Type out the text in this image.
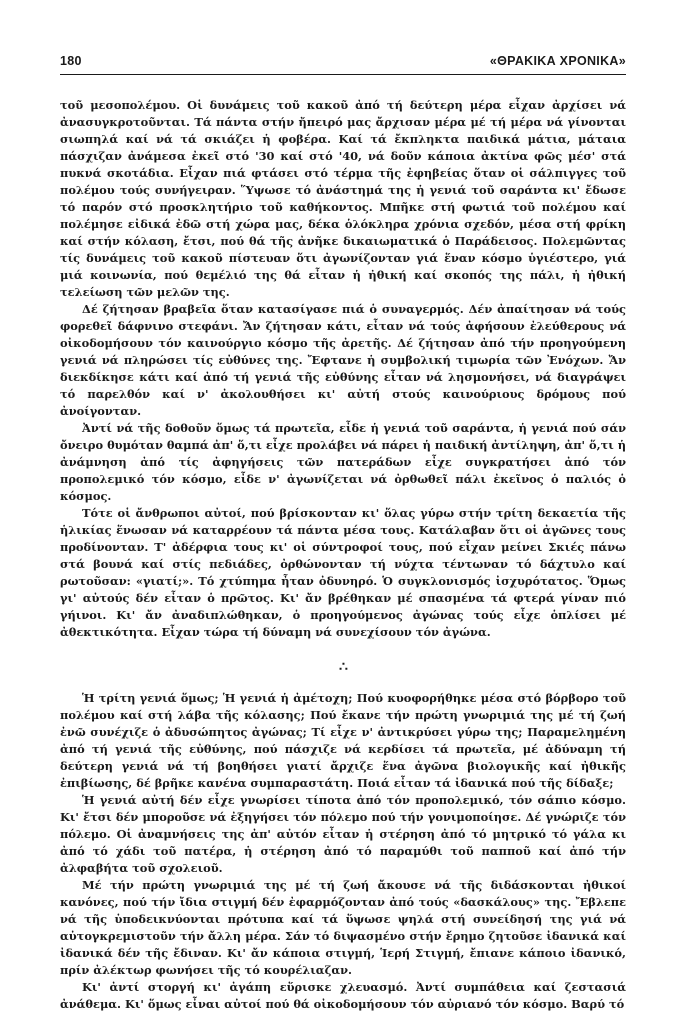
180	«ΘΡΑΚΙΚΑ ΧΡΟΝΙΚΑ»

τοῦ μεσοπολέμου. Οἱ δυνάμεις τοῦ κακοῦ ἀπό τή δεύτερη μέρα εἶχαν ἀρχίσει νά ἀνασυγκροτοῦνται. Τά πάντα στήν ἤπειρό μας ἄρχισαν μέρα μέ τή μέρα νά γίνονται σιωπηλά καί νά τά σκιάζει ἡ φοβέρα. Καί τά ἔκπληκτα παιδικά μάτια, μάταια πάσχιζαν ἀνάμεσα ἐκεῖ στό '30 καί στό '40, νά δοῦν κάποια ἀκτίνα φῶς μέσ' στά πυκνά σκοτάδια. Εἶχαν πιά φτάσει στό τέρμα τῆς ἐφηβείας ὅταν οἱ σάλπιγγες τοῦ πολέμου τούς συνήγειραν. Ὕψωσε τό ἀνάστημά της ἡ γενιά τοῦ σαράντα κι' ἔδωσε τό παρόν στό προσκλητήριο τοῦ καθήκοντος. Μπῆκε στή φωτιά τοῦ πολέμου καί πολέμησε εἰδικά ἐδῶ στή χώρα μας, δέκα ὁλόκληρα χρόνια σχεδόν, μέσα στή φρίκη καί στήν κόλαση, ἔτσι, πού θά τῆς ἀνῆκε δικαιωματικά ὁ Παράδεισος. Πολεμῶντας τίς δυνάμεις τοῦ κακοῦ πίστευαν ὅτι ἀγωνίζονταν γιά ἕναν κόσμο ὑγιέστερο, γιά μιά κοινωνία, πού θεμέλιό της θά εἶταν ἡ ἠθική καί σκοπός της πάλι, ἡ ἠθική τελείωση τῶν μελῶν της.

Δέ ζήτησαν βραβεῖα ὅταν κατασίγασε πιά ὁ συναγερμός. Δέν ἀπαίτησαν νά τούς φορεθεῖ δάφνινο στεφάνι. Ἄν ζήτησαν κάτι, εἶταν νά τούς ἀφήσουν ἐλεύθερους νά οἰκοδομήσουν τόν καινούργιο κόσμο τῆς ἀρετῆς. Δέ ζήτησαν ἀπό τήν προηγούμενη γενιά νά πληρώσει τίς εὐθύνες της. Ἔφτανε ἡ συμβολική τιμωρία τῶν Ἐνόχων. Ἄν διεκδίκησε κάτι καί ἀπό τή γενιά τῆς εὐθύνης εἶταν νά λησμονήσει, νά διαγράψει τό παρελθόν καί ν' ἀκολουθήσει κι' αὐτή στούς καινούριους δρόμους πού ἀνοίγονταν.

Ἀντί νά τῆς δοθοῦν ὅμως τά πρωτεῖα, εἶδε ἡ γενιά τοῦ σαράντα, ἡ γενιά πού σάν ὄνειρο θυμόταν θαμπά ἀπ' ὅ,τι εἶχε προλάβει νά πάρει ἡ παιδική ἀντίληψη, ἀπ' ὅ,τι ἡ ἀνάμνηση ἀπό τίς ἀφηγήσεις τῶν πατεράδων εἶχε συγκρατήσει ἀπό τόν προπολεμικό τόν κόσμο, εἶδε ν' ἀγωνίζεται νά ὀρθωθεῖ πάλι ἐκεῖνος ὁ παλιός ὁ κόσμος.

Τότε οἱ ἄνθρωποι αὐτοί, πού βρίσκονταν κι' ὅλας γύρω στήν τρίτη δεκαετία τῆς ἡλικίας ἕνωσαν νά καταρρέουν τά πάντα μέσα τους. Κατάλαβαν ὅτι οἱ ἀγῶνες τους προδίνονταν. Τ' ἀδέρφια τους κι' οἱ σύντροφοί τους, πού εἶχαν μείνει Σκιές πάνω στά βουνά καί στίς πεδιάδες, ὀρθώνονταν τή νύχτα τέντωναν τό δάχτυλο καί ρωτοῦσαν: «γιατί;». Τό χτύπημα ἦταν ὀδυνηρό. Ὁ συγκλονισμός ἰσχυρότατος. Ὅμως γι' αὐτούς δέν εἶταν ὁ πρῶτος. Κι' ἄν βρέθηκαν μέ σπασμένα τά φτερά γίναν πιό γήινοι. Κι' ἄν ἀναδιπλώθηκαν, ὁ προηγούμενος ἀγώνας τούς εἶχε ὁπλίσει μέ ἀθεκτικότητα. Εἶχαν τώρα τή δύναμη νά συνεχίσουν τόν ἀγώνα.

∴

Ἡ τρίτη γενιά ὅμως; Ἡ γενιά ἡ ἀμέτοχη; Πού κυοφορήθηκε μέσα στό βόρβορο τοῦ πολέμου καί στή λάβα τῆς κόλασης; Πού ἔκανε τήν πρώτη γνωριμιά της μέ τή ζωή ἐνῶ συνέχιζε ὁ ἀδυσώπητος ἀγώνας; Τί εἶχε ν' ἀντικρύσει γύρω της; Παραμελημένη ἀπό τή γενιά τῆς εὐθύνης, πού πάσχιζε νά κερδίσει τά πρωτεῖα, μέ ἀδύναμη τή δεύτερη γενιά νά τή βοηθήσει γιατί ἄρχιζε ἕνα ἀγῶνα βιολογικῆς καί ἠθικῆς ἐπιβίωσης, δέ βρῆκε κανένα συμπαραστάτη. Ποιά εἶταν τά ἰδανικά πού τῆς δίδαξε;

Ἡ γενιά αὐτή δέν εἶχε γνωρίσει τίποτα ἀπό τόν προπολεμικό, τόν σάπιο κόσμο. Κι' ἔτσι δέν μποροῦσε νά ἐξηγήσει τόν πόλεμο πού τήν γονιμοποίησε. Δέ γνώριζε τόν πόλεμο. Οἱ ἀναμνήσεις της ἀπ' αὐτόν εἶταν ἡ στέρηση ἀπό τό μητρικό τό γάλα κι ἀπό τό χάδι τοῦ πατέρα, ἡ στέρηση ἀπό τό παραμύθι τοῦ παπποῦ καί ἀπό τήν ἀλφαβήτα τοῦ σχολειοῦ.

Μέ τήν πρώτη γνωριμιά της μέ τή ζωή ἄκουσε νά τῆς διδάσκονται ἠθικοί κανόνες, πού τήν ἴδια στιγμή δέν ἐφαρμόζονταν ἀπό τούς «δασκάλους» της. Ἔβλεπε νά τῆς ὑποδεικνύονται πρότυπα καί τά ὕψωσε ψηλά στή συνείδησή της γιά νά αὐτογκρεμιστοῦν τήν ἄλλη μέρα. Σάν τό διψασμένο στήν ἔρημο ζητοῦσε ἰδανικά καί ἰδανικά δέν τῆς ἔδιναν. Κι' ἄν κάποια στιγμή, Ἱερή Στιγμή, ἔπιανε κάποιο ἰδανικό, πρίν ἀλέκτωρ φωνήσει τῆς τό κουρέλιαζαν.

Κι' ἀντί στοργή κι' ἀγάπη εὕρισκε χλευασμό. Ἀντί συμπάθεια καί ζεστασιά ἀνάθεμα. Κι' ὅμως εἶναι αὐτοί πού θά οἰκοδομήσουν τόν αὐριανό τόν κόσμο. Βαρύ τό
